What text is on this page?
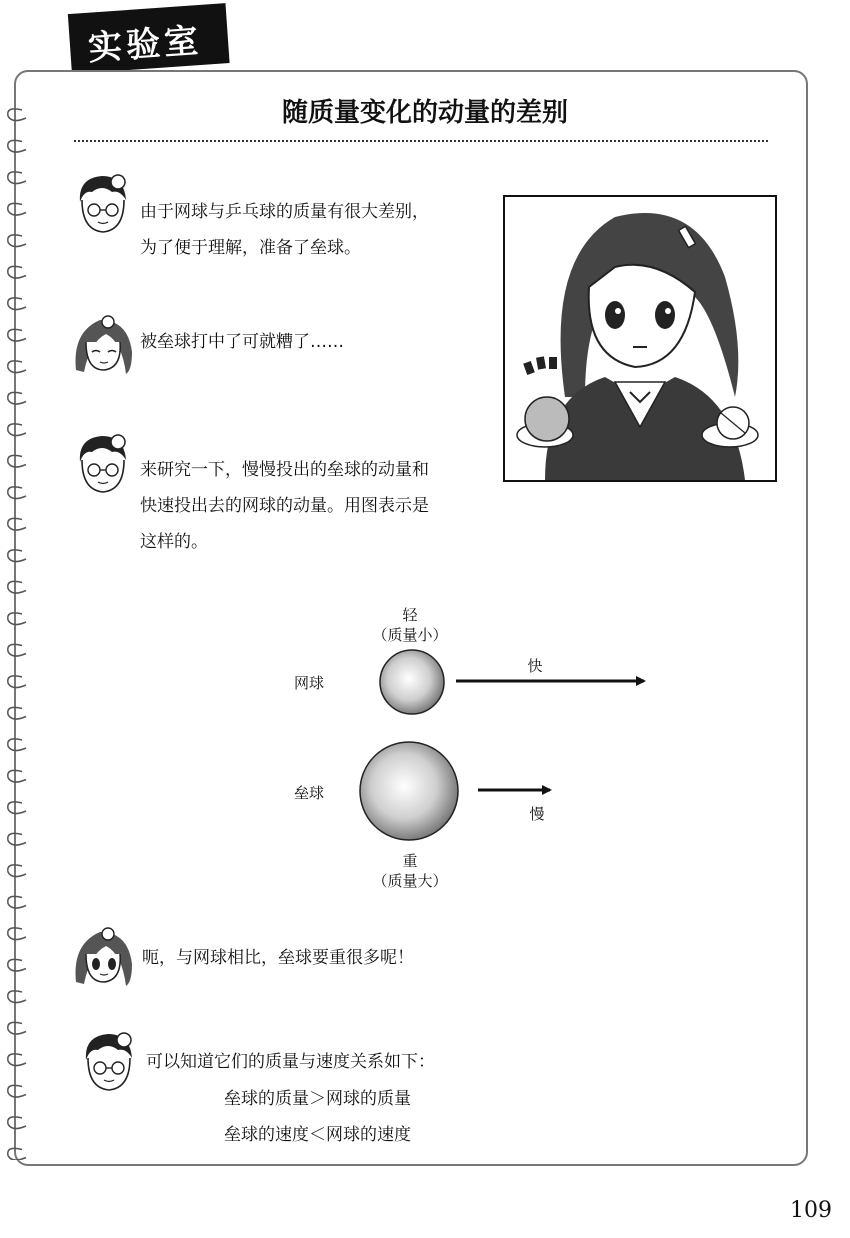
实验室
随质量变化的动量的差别
由于网球与乒乓球的质量有很大差别，
为了便于理解，准备了垒球。
被垒球打中了可就糟了……
来研究一下，慢慢投出的垒球的动量和
快速投出去的网球的动量。用图表示是
这样的。
轻
（质量小）
网球
快
垒球
慢
重
（质量大）
呃，与网球相比，垒球要重很多呢！
可以知道它们的质量与速度关系如下：
垒球的质量＞网球的质量
垒球的速度＜网球的速度
109
